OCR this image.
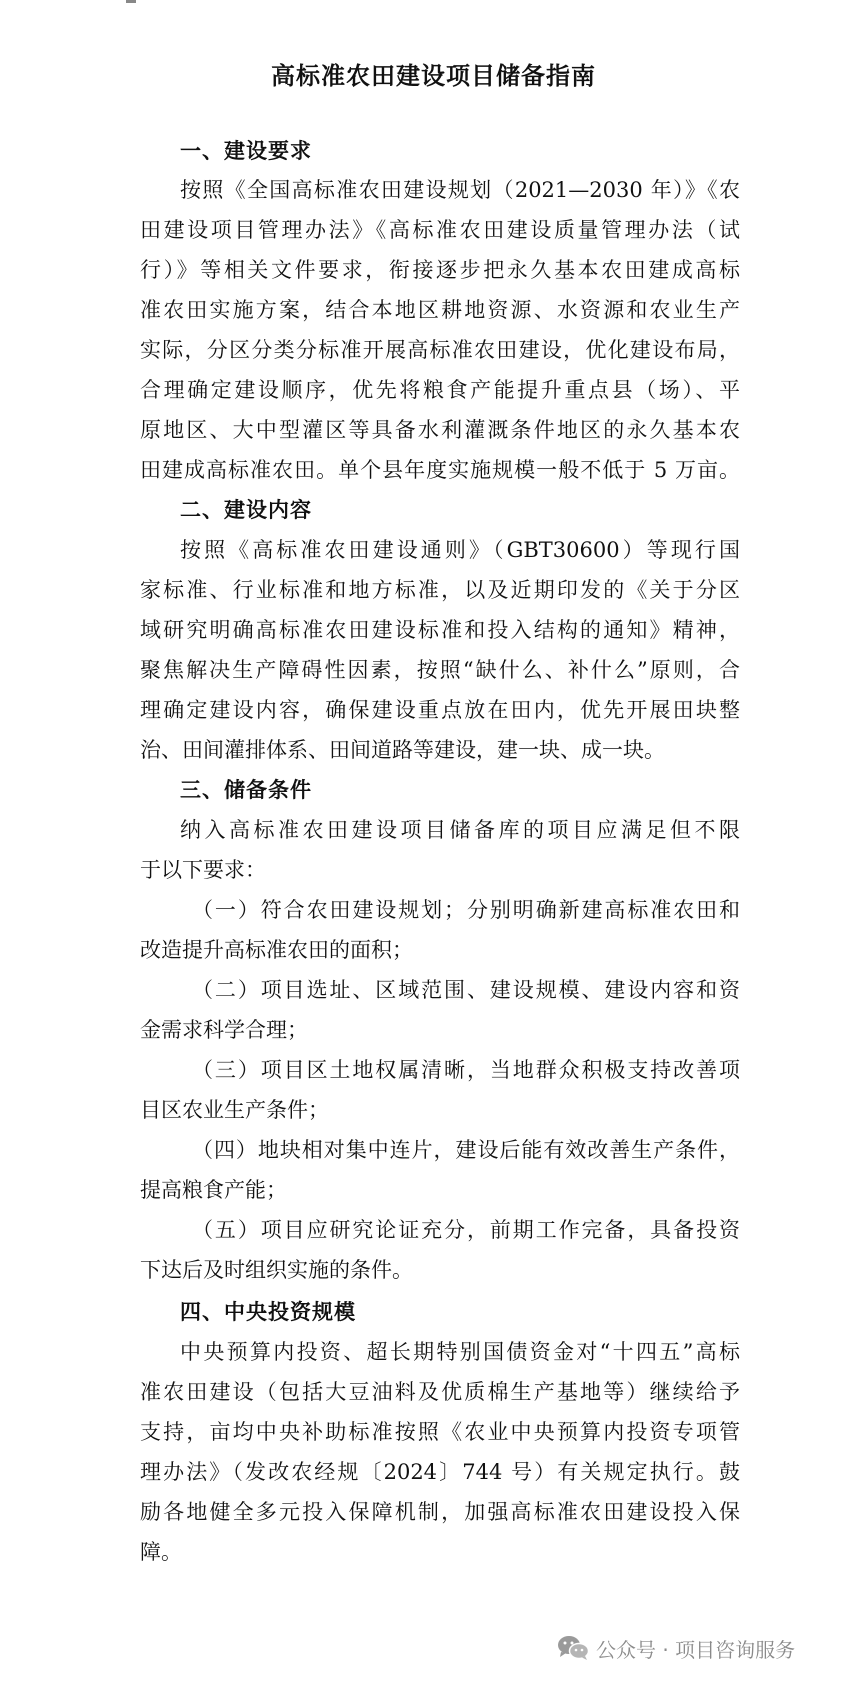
高标准农田建设项目储备指南
一、建设要求
按照《全国高标准农田建设规划（2021—2030 年）》《农
田建设项目管理办法》《高标准农田建设质量管理办法（试
行）》等相关文件要求，衔接逐步把永久基本农田建成高标
准农田实施方案，结合本地区耕地资源、水资源和农业生产
实际，分区分类分标准开展高标准农田建设，优化建设布局，
合理确定建设顺序，优先将粮食产能提升重点县（场）、平
原地区、大中型灌区等具备水利灌溉条件地区的永久基本农
田建成高标准农田。单个县年度实施规模一般不低于 5 万亩。
二、建设内容
按照《高标准农田建设通则》（GBT30600）等现行国
家标准、行业标准和地方标准，以及近期印发的《关于分区
域研究明确高标准农田建设标准和投入结构的通知》精神，
聚焦解决生产障碍性因素，按照“缺什么、补什么”原则，合
理确定建设内容，确保建设重点放在田内，优先开展田块整
治、田间灌排体系、田间道路等建设，建一块、成一块。
三、储备条件
纳入高标准农田建设项目储备库的项目应满足但不限
于以下要求：
（一）符合农田建设规划；分别明确新建高标准农田和
改造提升高标准农田的面积；
（二）项目选址、区域范围、建设规模、建设内容和资
金需求科学合理；
（三）项目区土地权属清晰，当地群众积极支持改善项
目区农业生产条件；
（四）地块相对集中连片，建设后能有效改善生产条件，
提高粮食产能；
（五）项目应研究论证充分，前期工作完备，具备投资
下达后及时组织实施的条件。
四、中央投资规模
中央预算内投资、超长期特别国债资金对“十四五”高标
准农田建设（包括大豆油料及优质棉生产基地等）继续给予
支持，亩均中央补助标准按照《农业中央预算内投资专项管
理办法》（发改农经规〔2024〕744 号）有关规定执行。鼓
励各地健全多元投入保障机制，加强高标准农田建设投入保
障。
公众号 · 项目咨询服务
